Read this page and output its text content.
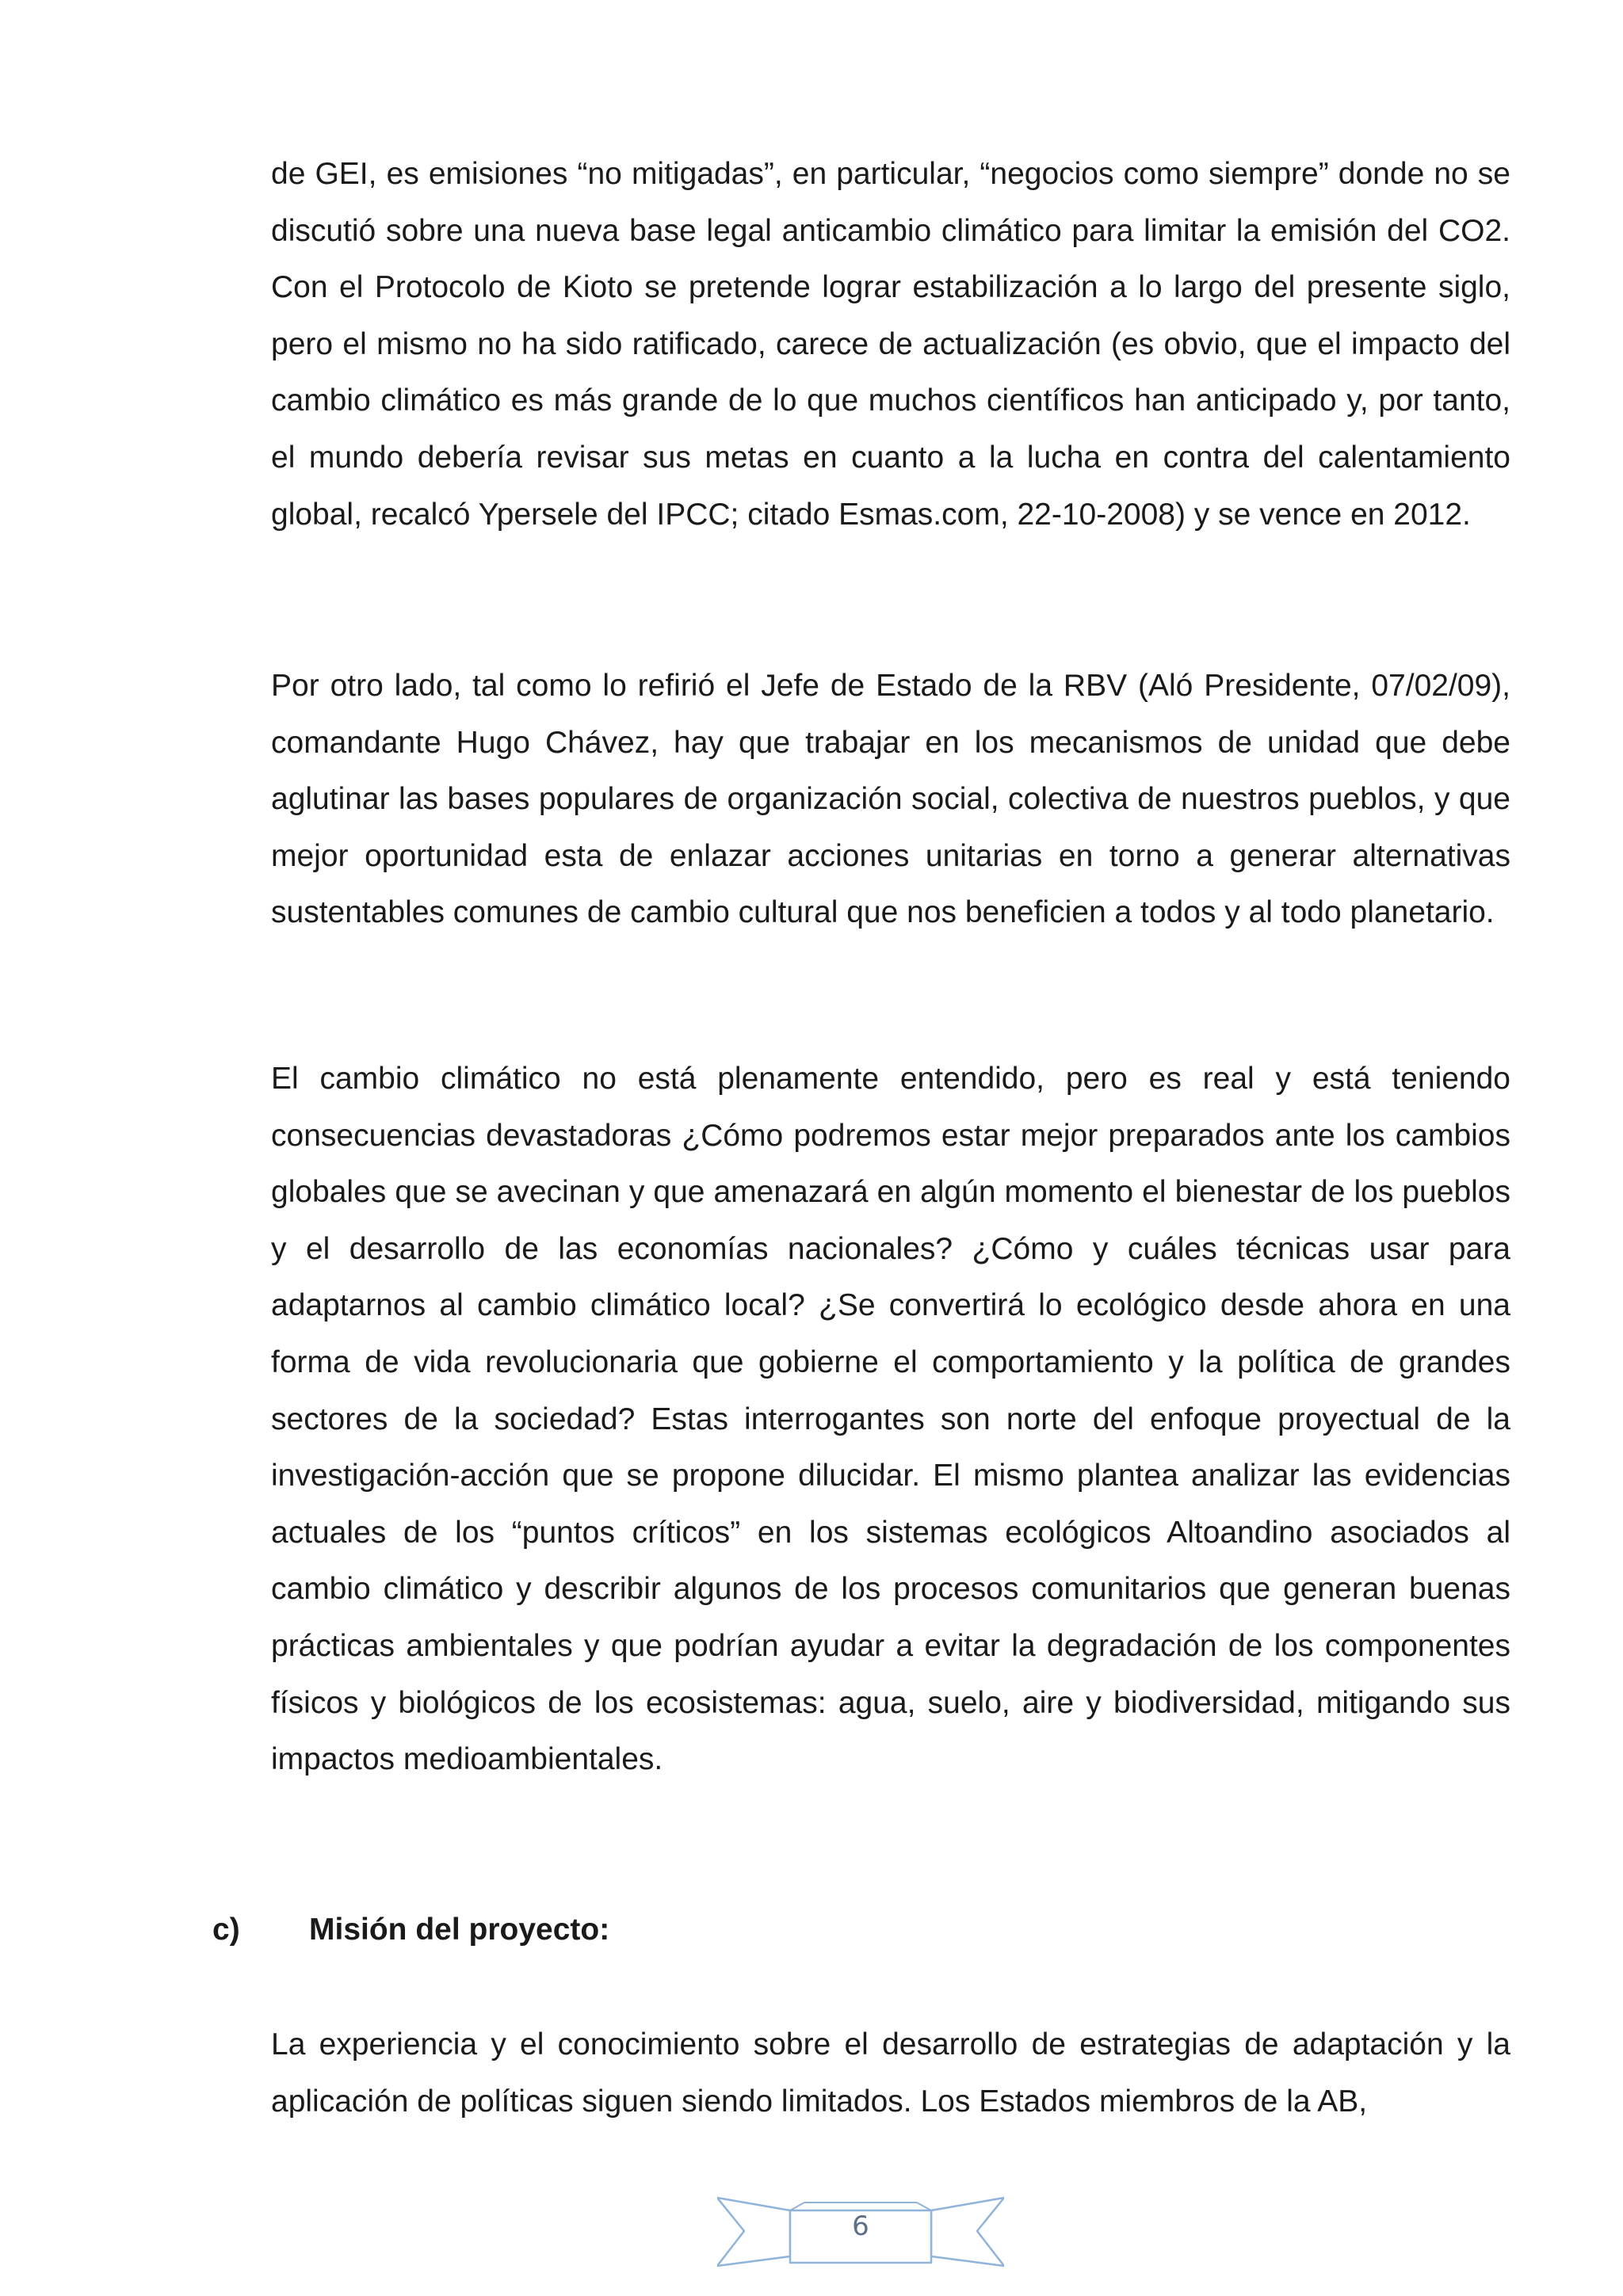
de GEI, es emisiones “no mitigadas”, en particular, “negocios como siempre” donde no se discutió sobre una nueva base legal anticambio climático para limitar la emisión del CO2. Con el Protocolo de Kioto se pretende lograr estabilización a lo largo del presente siglo, pero el mismo no ha sido ratificado, carece de actualización (es obvio, que el impacto del cambio climático es más grande de lo que muchos científicos han anticipado y, por tanto, el mundo debería revisar sus metas en cuanto a la lucha en contra del calentamiento global, recalcó Ypersele del IPCC; citado Esmas.com, 22-10-2008) y se vence en 2012.

Por otro lado, tal como lo refirió el Jefe de Estado de la RBV (Aló Presidente, 07/02/09), comandante Hugo Chávez, hay que trabajar en los mecanismos de unidad que debe aglutinar las bases populares de organización social, colectiva de nuestros pueblos, y que mejor oportunidad esta de enlazar acciones unitarias en torno a generar alternativas sustentables comunes de cambio cultural que nos beneficien a todos y al todo planetario.

El cambio climático no está plenamente entendido, pero es real y está teniendo consecuencias devastadoras ¿Cómo podremos estar mejor preparados ante los cambios globales que se avecinan y que amenazará en algún momento el bienestar de los pueblos y el desarrollo de las economías nacionales? ¿Cómo y cuáles técnicas usar para adaptarnos al cambio climático local? ¿Se convertirá lo ecológico desde ahora en una forma de vida revolucionaria que gobierne el comportamiento y la política de grandes sectores de la sociedad? Estas interrogantes son norte del enfoque proyectual de la investigación-acción que se propone dilucidar. El mismo plantea analizar las evidencias actuales de los “puntos críticos” en los sistemas ecológicos Altoandino asociados al cambio climático y describir algunos de los procesos comunitarios que generan buenas prácticas ambientales y que podrían ayudar a evitar la degradación de los componentes físicos y biológicos de los ecosistemas: agua, suelo, aire y biodiversidad, mitigando sus impactos medioambientales.

c) Misión del proyecto:

La experiencia y el conocimiento sobre el desarrollo de estrategias de adaptación y la aplicación de políticas siguen siendo limitados. Los Estados miembros de la AB,

6
